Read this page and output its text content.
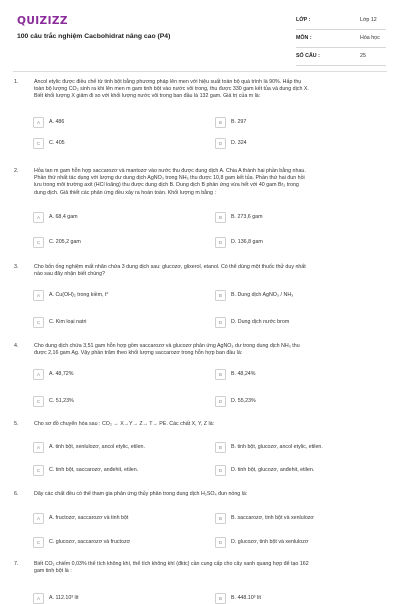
QUIZIZZ
100 câu trắc nghiệm Cacbohidrat nâng cao (P4)
LỚP :	Lớp 12
MÔN :	Hóa học
SỐ CÂU :	25
1.	Ancol etylic được điều chế từ tinh bột bằng phương pháp lên men với hiệu suất toàn bộ quá trình là 90%. Hấp thụ
toàn bộ lượng CO₂ sinh ra khi lên men m gam tinh bột vào nước vôi trong, thu được 330 gam kết tủa và dung dịch X.
Biết khối lượng X giảm đi so với khối lượng nước vôi trong ban đầu là 132 gam. Giá trị của m là:
A	A. 486	B	B. 297
C	C. 405	D	D. 324
2.	Hỏa tan m gam hỗn hợp saccarozơ và mantozơ vào nước thu được dung dịch A. Chia A thành hai phần bằng nhau.
Phần thứ nhất tác dụng với lượng dư dung dịch AgNO₃ trong NH₃ thu được 10,8 gam kết tủa. Phần thứ hai đun hồi
lưu trong môi trường axit (HCl loãng) thu được dung dịch B. Dung dịch B phản ứng vừa hết với 40 gam Br₂ trong
dung dịch. Giả thiết các phản ứng đều xảy ra hoàn toàn. Khối lượng m bằng :
A	A. 68,4 gam	B	B. 273,6 gam
C	C. 205,2 gam	D	D. 136,8 gam
3.	Cho bốn ống nghiệm mất nhãn chứa 3 dung dịch sau: glucozơ, glixerol, etanol. Có thể dùng một thuốc thử duy nhất
nào sau đây nhận biết chúng?
A	A. Cu(OH)₂ trong kiềm, t°	B	B. Dung dịch AgNO₃ / NH₃
C	C. Kim loại natri	D	D. Dung dịch nước brom
4.	Cho dung dịch chứa 3,51 gam hỗn hợp gồm saccarozơ và glucozơ phản ứng AgNO₃ dư trong dung dịch NH₃ thu
được 2,16 gam Ag. Vậy phần trăm theo khối lượng saccarozơ trong hỗn hợp ban đầu là:
A	A. 48,72%	B	B. 48,24%
C	C. 51,23%	D	D. 55,23%
5.	Cho sơ đồ chuyển hóa sau : CO₂ → X→Y→ Z→ T→ PE. Các chất X, Y, Z là:
A	A. tinh bột, xenlulozơ, ancol etylic, etilen.	B	B. tinh bột, glucozơ, ancol etylic, etilen.
C	C. tinh bột, saccarozơ, anđehit, etilen.	D	D. tinh bột, glucozơ, anđehit, etilen.
6.	Dãy các chất đều có thể tham gia phản ứng thủy phân trong dung dịch H₂SO₄ đun nóng là:
A	A. fructozơ, saccarozơ và tinh bột	B	B. saccarozơ, tinh bột và xenlulozơ
C	C. glucozơ, saccarozơ và fructozơ	D	D. glucozơ, tinh bột và xenlulozơ
7.	Biết CO₂ chiếm 0,03% thể tích không khí, thể tích không khí (đktc) cần cung cấp cho cây xanh quang hợp để tạo 162
gam tinh bột là :
A	A. 112.10³ lít	B	B. 448.10³ lít
